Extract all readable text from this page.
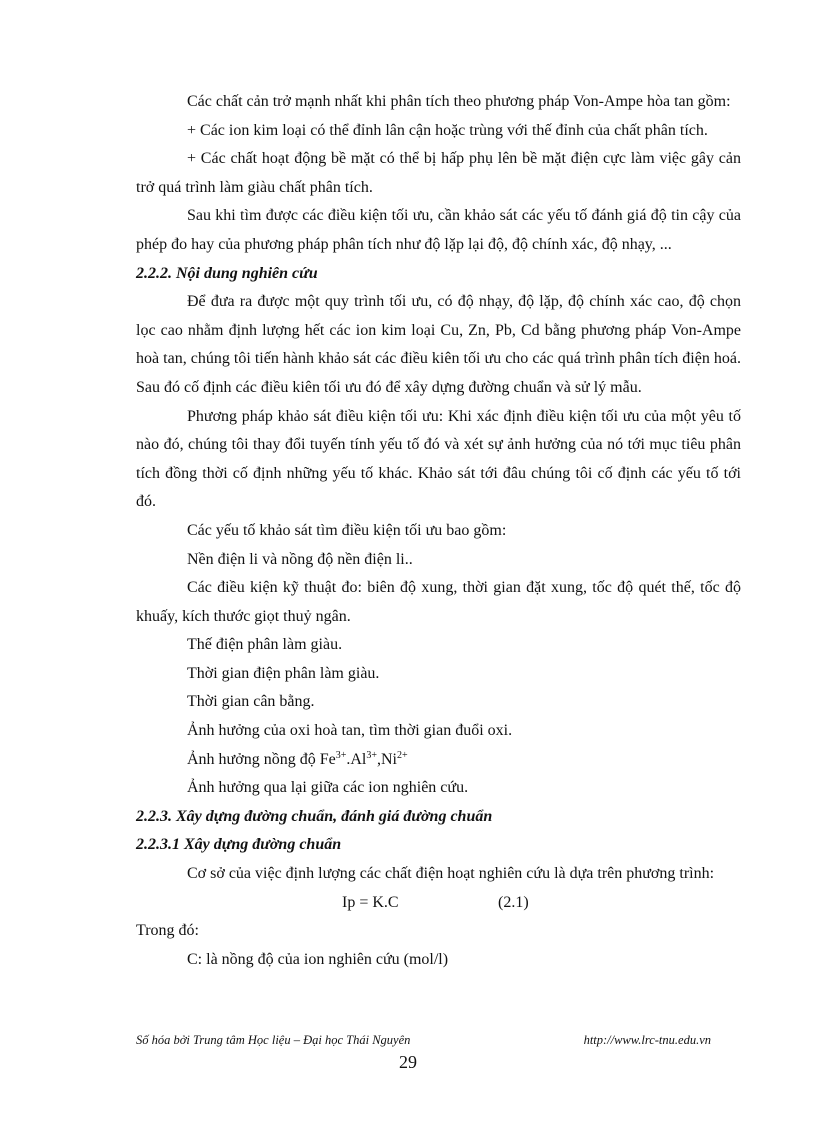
Các chất cản trở mạnh nhất khi phân tích theo phương pháp Von-Ampe hòa tan gồm:

+ Các ion kim loại có thể đỉnh lân cận hoặc trùng với thế đỉnh của chất phân tích.

+ Các chất hoạt động bề mặt có thể bị hấp phụ lên bề mặt điện cực làm việc gây cản trở quá trình làm giàu chất phân tích.

Sau khi tìm được các điều kiện tối ưu, cần khảo sát các yếu tố đánh giá độ tin cậy của phép đo hay của phương pháp phân tích như độ lặp lại độ, độ chính xác, độ nhạy, ...

2.2.2. Nội dung nghiên cứu

Để đưa ra được một quy trình tối ưu, có độ nhạy, độ lặp, độ chính xác cao, độ chọn lọc cao nhằm định lượng hết các ion kim loại Cu, Zn, Pb, Cd bằng phương pháp Von-Ampe hoà tan, chúng tôi tiến hành khảo sát các điều kiên tối ưu cho các quá trình phân tích điện hoá. Sau đó cố định các điều kiên tối ưu đó để xây dựng đường chuẩn và sử lý mẫu.

Phương pháp khảo sát điều kiện tối ưu: Khi xác định điều kiện tối ưu của một yêu tố nào đó, chúng tôi thay đổi tuyến tính yếu tố đó và xét sự ảnh hưởng của nó tới mục tiêu phân tích đồng thời cố định những yếu tố khác. Khảo sát tới đâu chúng tôi cố định các yếu tố tới đó.

Các yếu tố khảo sát tìm điều kiện tối ưu bao gồm:

Nền điện li và nồng độ nền điện li..

Các điều kiện kỹ thuật đo: biên độ xung, thời gian đặt xung, tốc độ quét thế, tốc độ khuấy, kích thước giọt thuỷ ngân.

Thế điện phân làm giàu.

Thời gian điện phân làm giàu.

Thời gian cân bằng.

Ảnh hưởng của oxi hoà tan, tìm thời gian đuổi oxi.

Ảnh hưởng nồng độ $Fe^{3+}.Al^{3+},Ni^{2+}$

Ảnh hưởng qua lại giữa các ion nghiên cứu.

2.2.3. Xây dựng đường chuẩn, đánh giá đường chuẩn

2.2.3.1 Xây dựng đường chuẩn

Cơ sở của việc định lượng các chất điện hoạt nghiên cứu là dựa trên phương trình:

Ip = K.C	(2.1)

Trong đó:

C: là nồng độ của ion nghiên cứu (mol/l)

Số hóa bởi Trung tâm Học liệu – Đại học Thái Nguyên	http://www.lrc-tnu.edu.vn
29
